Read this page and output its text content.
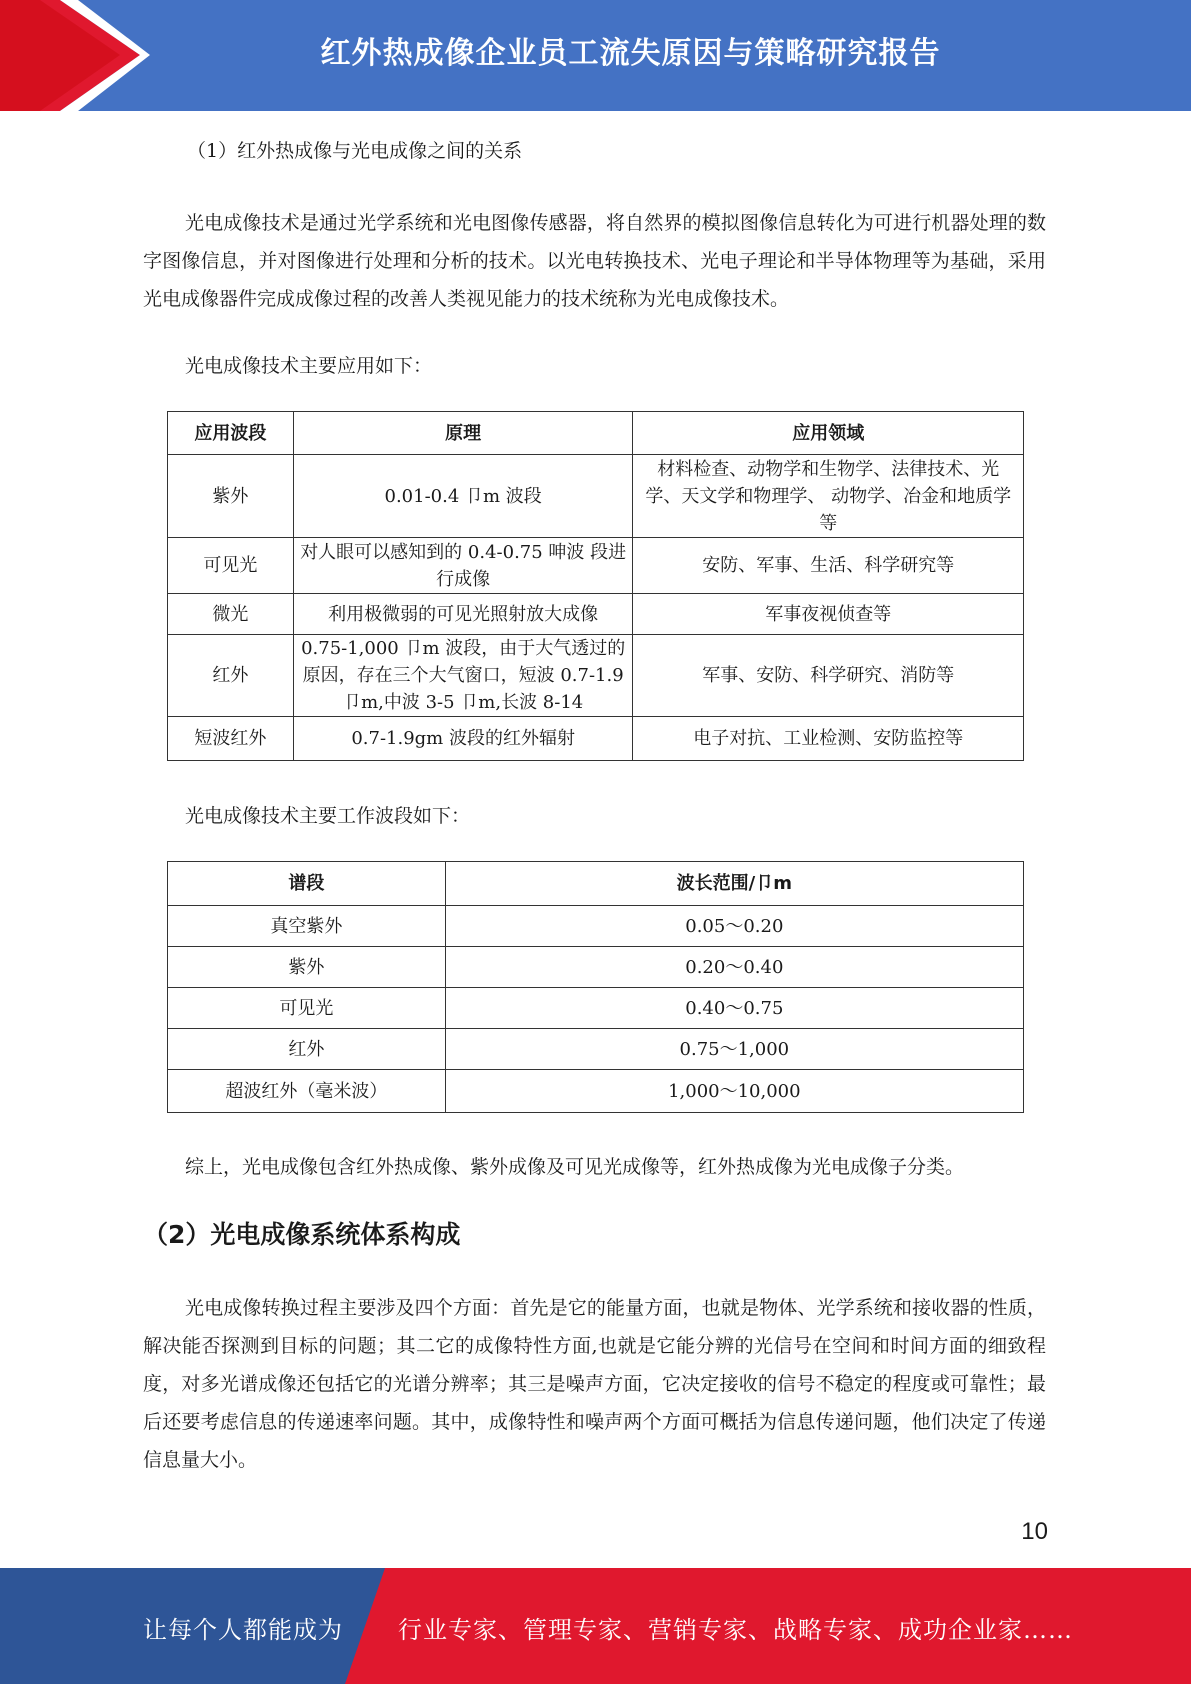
红外热成像企业员工流失原因与策略研究报告
（1）红外热成像与光电成像之间的关系

光电成像技术是通过光学系统和光电图像传感器，将自然界的模拟图像信息转化为可进行机器处理的数字图像信息，并对图像进行处理和分析的技术。以光电转换技术、光电子理论和半导体物理等为基础，采用光电成像器件完成成像过程的改善人类视见能力的技术统称为光电成像技术。

光电成像技术主要应用如下：

应用波段	原理	应用领域
紫外	0.01-0.4 卩m 波段	材料检查、动物学和生物学、法律技术、光学、天文学和物理学、 动物学、冶金和地质学等
可见光	对人眼可以感知到的 0.4-0.75 呻波 段进行成像	安防、军事、生活、科学研究等
微光	利用极微弱的可见光照射放大成像	军事夜视侦查等
红外	0.75-1,000 卩m 波段，由于大气透过的原因，存在三个大气窗口，短波 0.7-1.9 卩m,中波 3-5 卩m,长波 8-14	军事、安防、科学研究、消防等
短波红外	0.7-1.9gm 波段的红外辐射	电子对抗、工业检测、安防监控等

光电成像技术主要工作波段如下：

谱段	波长范围/卩m
真空紫外	0.05～0.20
紫外	0.20～0.40
可见光	0.40～0.75
红外	0.75～1,000
超波红外（毫米波）	1,000～10,000

综上，光电成像包含红外热成像、紫外成像及可见光成像等，红外热成像为光电成像子分类。

（2）光电成像系统体系构成

光电成像转换过程主要涉及四个方面：首先是它的能量方面，也就是物体、光学系统和接收器的性质，解决能否探测到目标的问题；其二它的成像特性方面,也就是它能分辨的光信号在空间和时间方面的细致程度，对多光谱成像还包括它的光谱分辨率；其三是噪声方面，它决定接收的信号不稳定的程度或可靠性；最后还要考虑信息的传递速率问题。其中，成像特性和噪声两个方面可概括为信息传递问题，他们决定了传递信息量大小。

10
让每个人都能成为 行业专家、管理专家、营销专家、战略专家、成功企业家……
